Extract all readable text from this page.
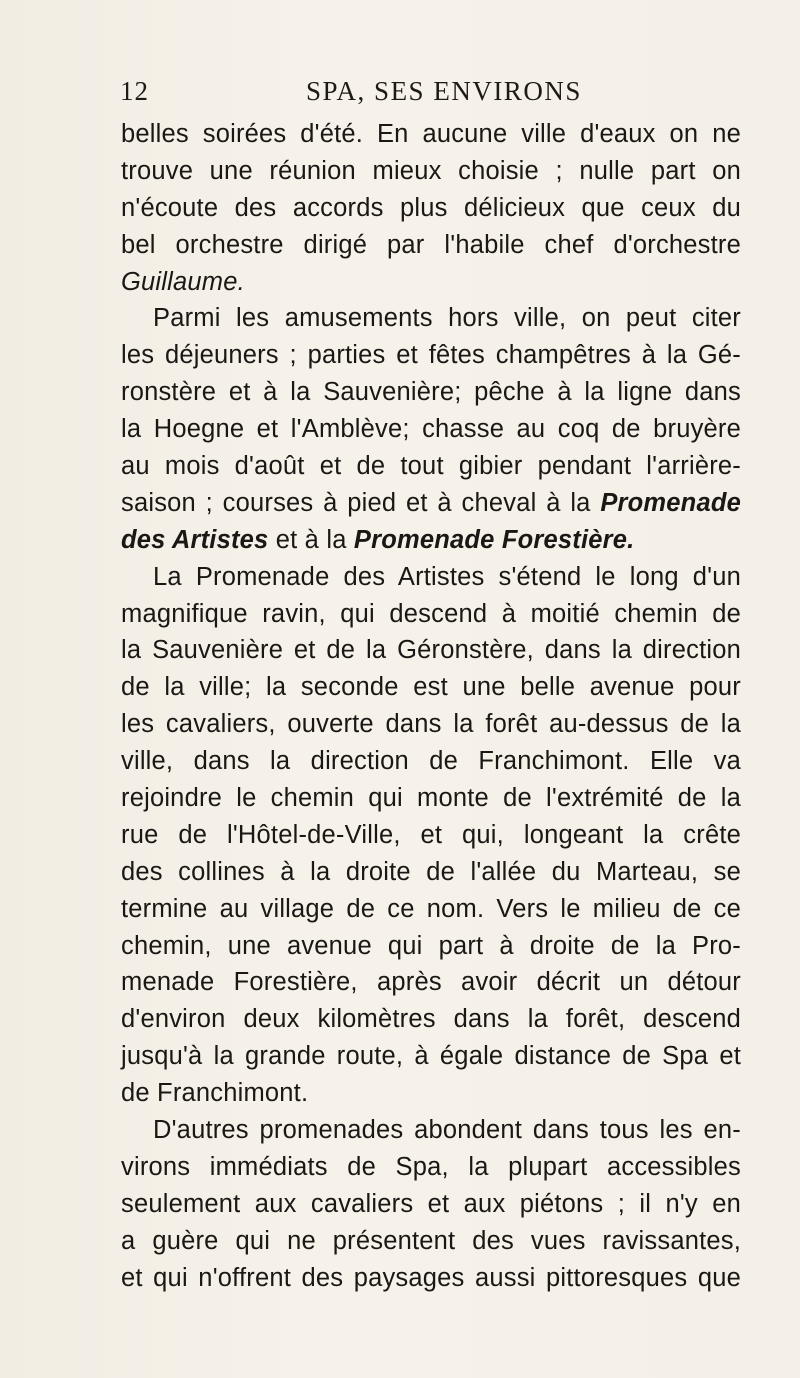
12	SPA, SES ENVIRONS
belles soirées d'été. En aucune ville d'eaux on ne
trouve une réunion mieux choisie ; nulle part on
n'écoute des accords plus délicieux que ceux du
bel orchestre dirigé par l'habile chef d'orchestre
Guillaume.
Parmi les amusements hors ville, on peut citer
les déjeuners ; parties et fêtes champêtres à la Gé-
ronstère et à la Sauvenière; pêche à la ligne dans
la Hoegne et l'Amblève; chasse au coq de bruyère
au mois d'août et de tout gibier pendant l'arrière-
saison ; courses à pied et à cheval à la Promenade
des Artistes et à la Promenade Forestière.
La Promenade des Artistes s'étend le long d'un
magnifique ravin, qui descend à moitié chemin de
la Sauvenière et de la Géronstère, dans la direction
de la ville; la seconde est une belle avenue pour
les cavaliers, ouverte dans la forêt au-dessus de la
ville, dans la direction de Franchimont. Elle va
rejoindre le chemin qui monte de l'extrémité de la
rue de l'Hôtel-de-Ville, et qui, longeant la crête
des collines à la droite de l'allée du Marteau, se
termine au village de ce nom. Vers le milieu de ce
chemin, une avenue qui part à droite de la Pro-
menade Forestière, après avoir décrit un détour
d'environ deux kilomètres dans la forêt, descend
jusqu'à la grande route, à égale distance de Spa et
de Franchimont.
D'autres promenades abondent dans tous les en-
virons immédiats de Spa, la plupart accessibles
seulement aux cavaliers et aux piétons ; il n'y en
a guère qui ne présentent des vues ravissantes,
et qui n'offrent des paysages aussi pittoresques que
